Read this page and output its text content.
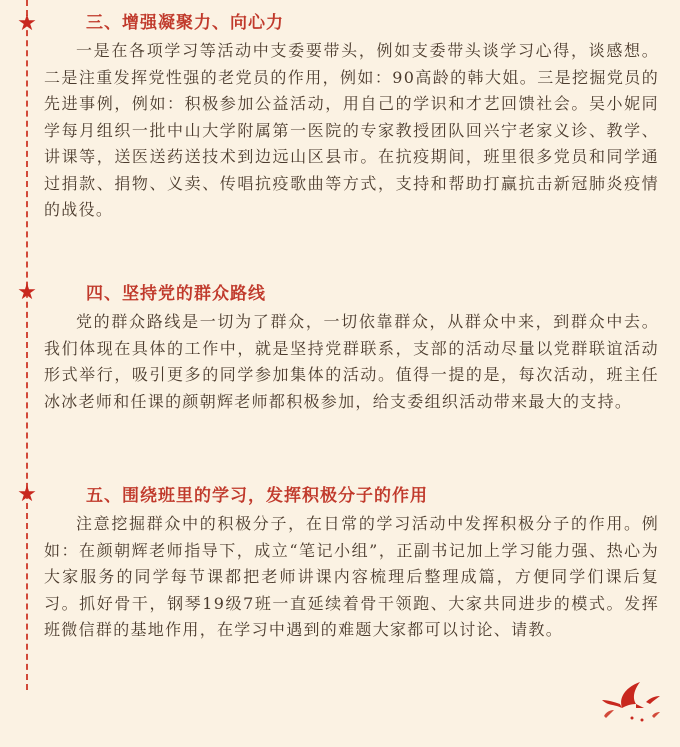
★
★
★
三、增强凝聚力、向心力

一是在各项学习等活动中支委要带头，例如支委带头谈学习心得，谈感想。二是注重发挥党性强的老党员的作用，例如：90高龄的韩大姐。三是挖掘党员的先进事例，例如：积极参加公益活动，用自己的学识和才艺回馈社会。吴小妮同学每月组织一批中山大学附属第一医院的专家教授团队回兴宁老家义诊、教学、讲课等，送医送药送技术到边远山区县市。在抗疫期间，班里很多党员和同学通过捐款、捐物、义卖、传唱抗疫歌曲等方式，支持和帮助打赢抗击新冠肺炎疫情的战役。

四、坚持党的群众路线

党的群众路线是一切为了群众，一切依靠群众，从群众中来，到群众中去。我们体现在具体的工作中，就是坚持党群联系，支部的活动尽量以党群联谊活动形式举行，吸引更多的同学参加集体的活动。值得一提的是，每次活动，班主任冰冰老师和任课的颜朝辉老师都积极参加，给支委组织活动带来最大的支持。

五、围绕班里的学习，发挥积极分子的作用

注意挖掘群众中的积极分子，在日常的学习活动中发挥积极分子的作用。例如：在颜朝辉老师指导下，成立“笔记小组”，正副书记加上学习能力强、热心为大家服务的同学每节课都把老师讲课内容梳理后整理成篇，方便同学们课后复习。抓好骨干，钢琴19级7班一直延续着骨干领跑、大家共同进步的模式。发挥班微信群的基地作用，在学习中遇到的难题大家都可以讨论、请教。
